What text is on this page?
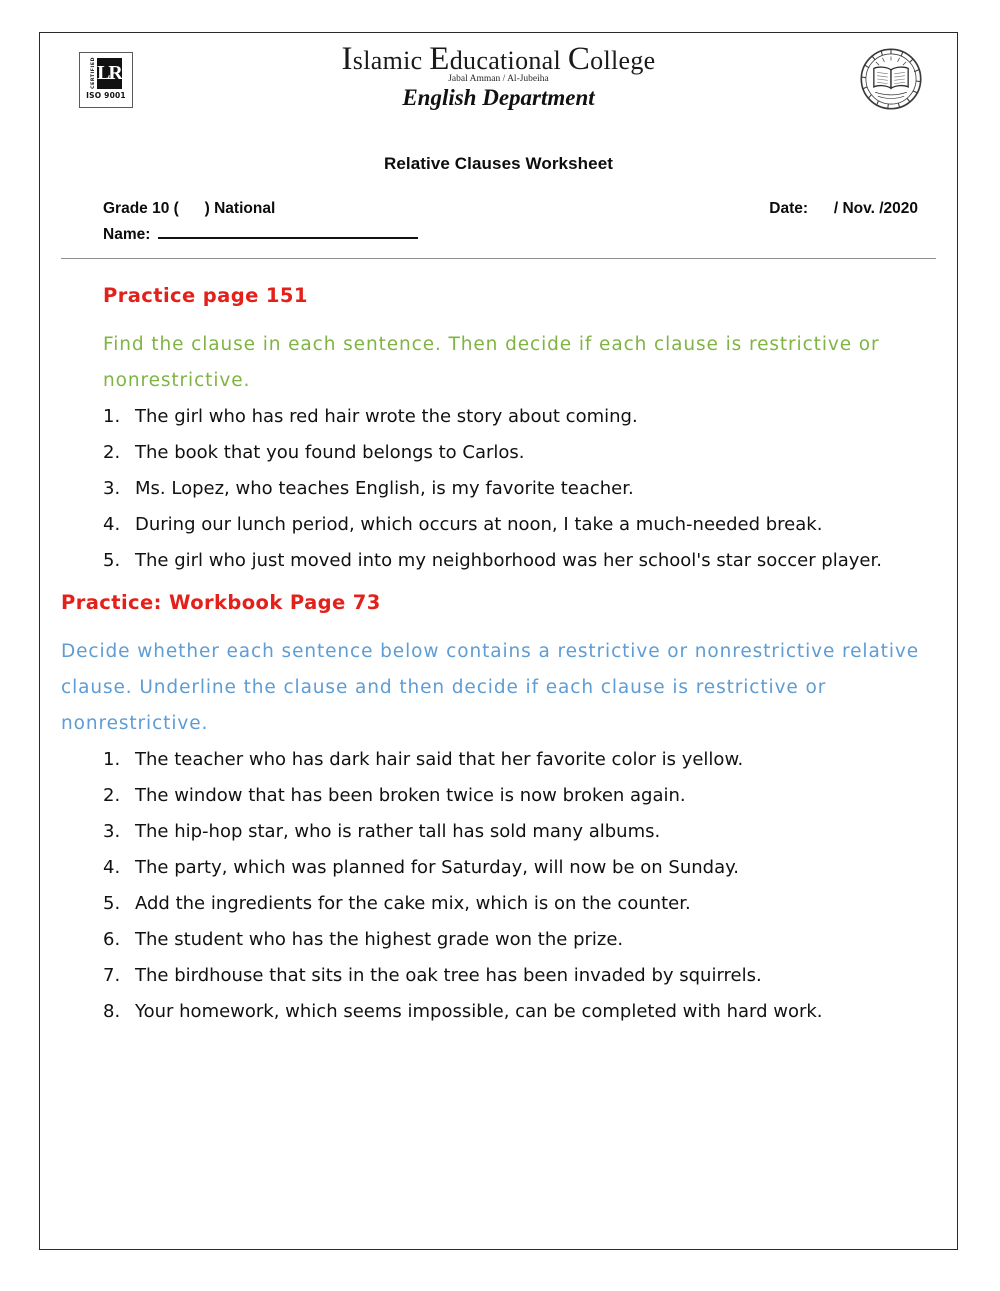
CERTIFIED LR
ISO 9001
Islamic Educational College
Jabal Amman / Al-Jubeiha
English Department
Relative Clauses Worksheet
Grade 10 (      ) National	Date:      / Nov. /2020
Name:
Practice page 151
Find the clause in each sentence. Then decide if each clause is restrictive or nonrestrictive.
1. The girl who has red hair wrote the story about coming.
2. The book that you found belongs to Carlos.
3. Ms. Lopez, who teaches English, is my favorite teacher.
4. During our lunch period, which occurs at noon, I take a much-needed break.
5. The girl who just moved into my neighborhood was her school's star soccer player.
Practice: Workbook Page 73
Decide whether each sentence below contains a restrictive or nonrestrictive relative clause. Underline the clause and then decide if each clause is restrictive or nonrestrictive.
1. The teacher who has dark hair said that her favorite color is yellow.
2. The window that has been broken twice is now broken again.
3. The hip-hop star, who is rather tall has sold many albums.
4. The party, which was planned for Saturday, will now be on Sunday.
5. Add the ingredients for the cake mix, which is on the counter.
6. The student who has the highest grade won the prize.
7. The birdhouse that sits in the oak tree has been invaded by squirrels.
8. Your homework, which seems impossible, can be completed with hard work.
